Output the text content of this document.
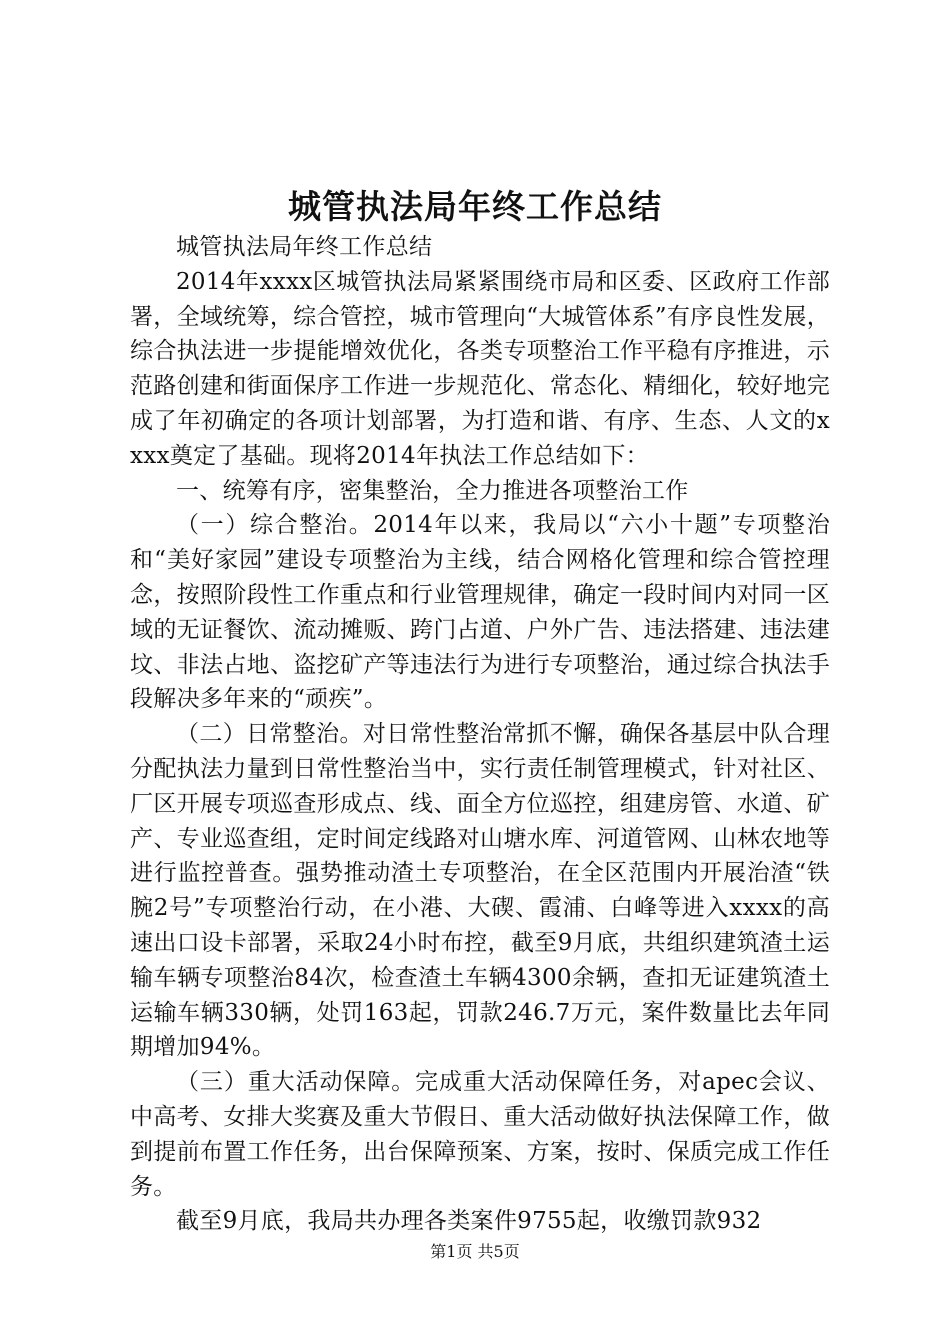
城管执法局年终工作总结

城管执法局年终工作总结

2014年xxxx区城管执法局紧紧围绕市局和区委、区政府工作部署，全域统筹，综合管控，城市管理向“大城管体系”有序良性发展，综合执法进一步提能增效优化，各类专项整治工作平稳有序推进，示范路创建和街面保序工作进一步规范化、常态化、精细化，较好地完成了年初确定的各项计划部署，为打造和谐、有序、生态、人文的xxxx奠定了基础。现将2014年执法工作总结如下：

一、统筹有序，密集整治，全力推进各项整治工作

（一）综合整治。2014年以来，我局以“六小十题”专项整治和“美好家园”建设专项整治为主线，结合网格化管理和综合管控理念，按照阶段性工作重点和行业管理规律，确定一段时间内对同一区域的无证餐饮、流动摊贩、跨门占道、户外广告、违法搭建、违法建坟、非法占地、盗挖矿产等违法行为进行专项整治，通过综合执法手段解决多年来的“顽疾”。

（二）日常整治。对日常性整治常抓不懈，确保各基层中队合理分配执法力量到日常性整治当中，实行责任制管理模式，针对社区、厂区开展专项巡查形成点、线、面全方位巡控，组建房管、水道、矿产、专业巡查组，定时间定线路对山塘水库、河道管网、山林农地等进行监控普查。强势推动渣土专项整治，在全区范围内开展治渣“铁腕2号”专项整治行动，在小港、大碶、霞浦、白峰等进入xxxx的高速出口设卡部署，采取24小时布控，截至9月底，共组织建筑渣土运输车辆专项整治84次，检查渣土车辆4300余辆，查扣无证建筑渣土运输车辆330辆，处罚163起，罚款246.7万元，案件数量比去年同期增加94%。

（三）重大活动保障。完成重大活动保障任务，对apec会议、中高考、女排大奖赛及重大节假日、重大活动做好执法保障工作，做到提前布置工作任务，出台保障预案、方案，按时、保质完成工作任务。

截至9月底，我局共办理各类案件9755起，收缴罚款932

第1页 共5页
